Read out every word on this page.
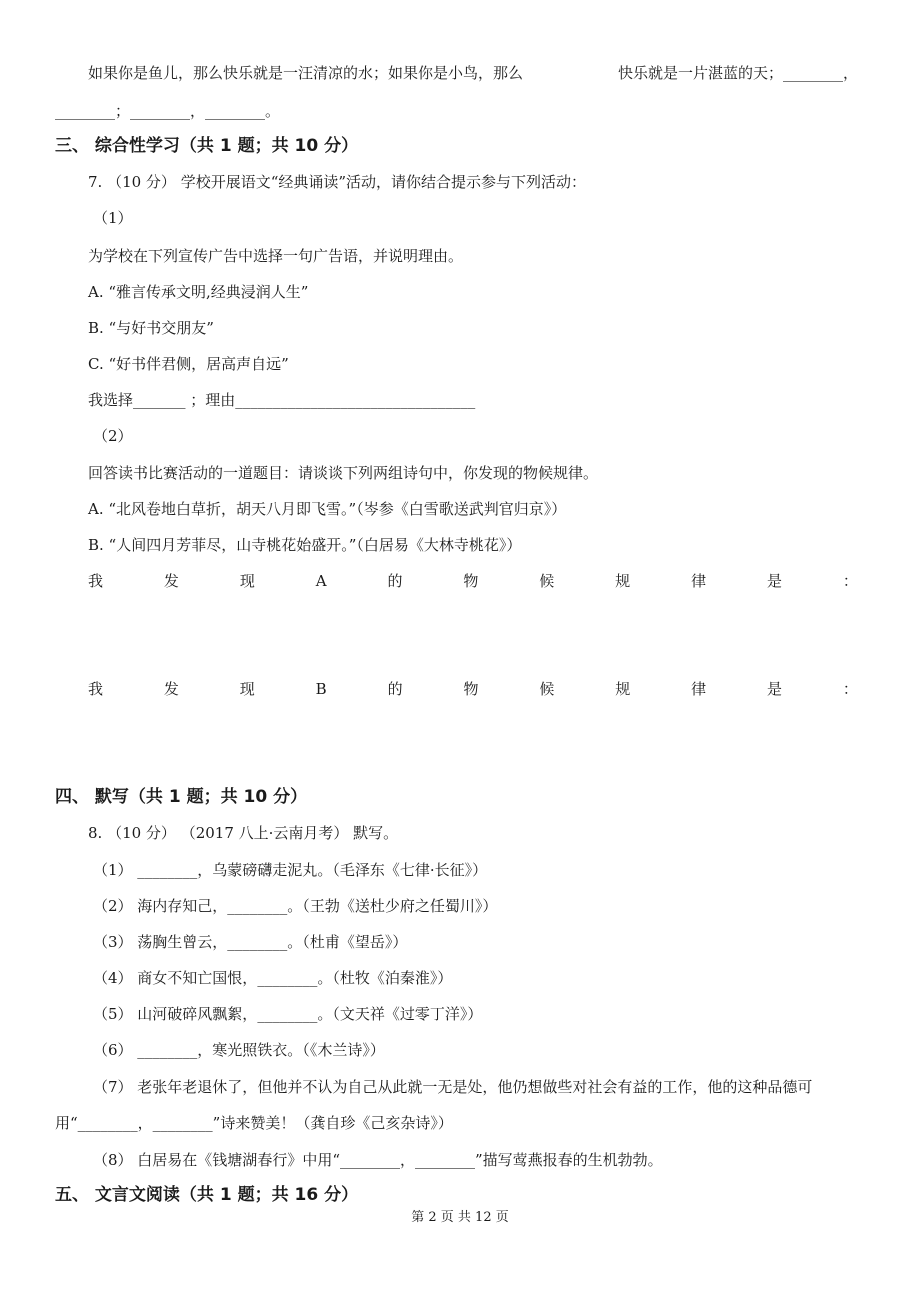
如果你是鱼儿，那么快乐就是一汪清凉的水；如果你是小鸟，那么	快乐就是一片湛蓝的天；________，
________；________，________。
三、 综合性学习（共 1 题；共 10 分）
7. （10 分） 学校开展语文“经典诵读”活动，请你结合提示参与下列活动：
（1）
为学校在下列宣传广告中选择一句广告语，并说明理由。
A. “雅言传承文明,经典浸润人生”
B. “与好书交朋友”
C. “好书伴君侧，居高声自远”
我选择_______ ；理由________________________________
（2）
回答读书比赛活动的一道题目：请谈谈下列两组诗句中，你发现的物候规律。
A. “北风卷地白草折，胡天八月即飞雪。”（岑参《白雪歌送武判官归京》）
B. “人间四月芳菲尽，山寺桃花始盛开。”（白居易《大林寺桃花》）
我	发	现	A	的	物	候	规	律	是	：
我	发	现	B	的	物	候	规	律	是	：
四、 默写（共 1 题；共 10 分）
8. （10 分） （2017 八上·云南月考） 默写。
（1） ________，乌蒙磅礴走泥丸。（毛泽东《七律·长征》）
（2） 海内存知己，________。（王勃《送杜少府之任蜀川》）
（3） 荡胸生曾云，________。（杜甫《望岳》）
（4） 商女不知亡国恨，________。（杜牧《泊秦淮》）
（5） 山河破碎风飘絮，________。（文天祥《过零丁洋》）
（6） ________，寒光照铁衣。（《木兰诗》）
（7） 老张年老退休了，但他并不认为自己从此就一无是处，他仍想做些对社会有益的工作，他的这种品德可
用“________，________”诗来赞美！（龚自珍《己亥杂诗》）
（8） 白居易在《钱塘湖春行》中用“________，________”描写莺燕报春的生机勃勃。
五、 文言文阅读（共 1 题；共 16 分）
第 2 页 共 12 页
